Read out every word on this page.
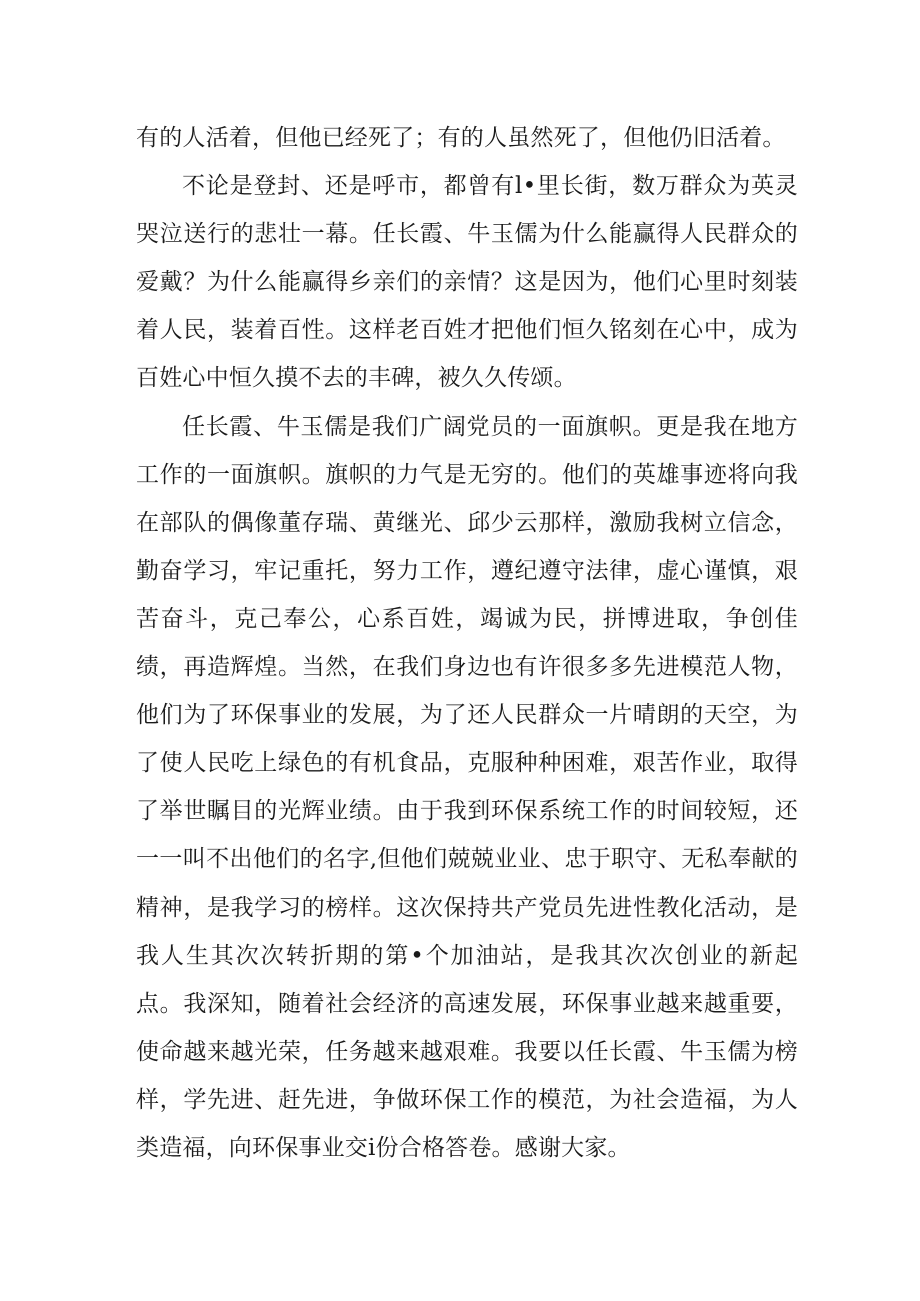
有的人活着，但他已经死了；有的人虽然死了，但他仍旧活着。

不论是登封、还是呼市，都曾有l•里长街，数万群众为英灵哭泣送行的悲壮一幕。任长霞、牛玉儒为什么能赢得人民群众的爱戴？为什么能赢得乡亲们的亲情？这是因为，他们心里时刻装着人民，装着百性。这样老百姓才把他们恒久铭刻在心中，成为百姓心中恒久摸不去的丰碑，被久久传颂。

任长霞、牛玉儒是我们广阔党员的一面旗帜。更是我在地方工作的一面旗帜。旗帜的力气是无穷的。他们的英雄事迹将向我在部队的偶像董存瑞、黄继光、邱少云那样，激励我树立信念，勤奋学习，牢记重托，努力工作，遵纪遵守法律，虚心谨慎，艰苦奋斗，克己奉公，心系百姓，竭诚为民，拼博进取，争创佳绩，再造辉煌。当然，在我们身边也有许很多多先进模范人物，他们为了环保事业的发展，为了还人民群众一片晴朗的天空，为了使人民吃上绿色的有机食品，克服种种困难，艰苦作业，取得了举世瞩目的光辉业绩。由于我到环保系统工作的时间较短，还一一叫不出他们的名字,但他们兢兢业业、忠于职守、无私奉献的精神，是我学习的榜样。这次保持共产党员先进性教化活动，是我人生其次次转折期的第•个加油站，是我其次次创业的新起点。我深知，随着社会经济的高速发展，环保事业越来越重要，使命越来越光荣，任务越来越艰难。我要以任长霞、牛玉儒为榜样，学先进、赶先进，争做环保工作的模范，为社会造福，为人类造福，向环保事业交i份合格答卷。感谢大家。
